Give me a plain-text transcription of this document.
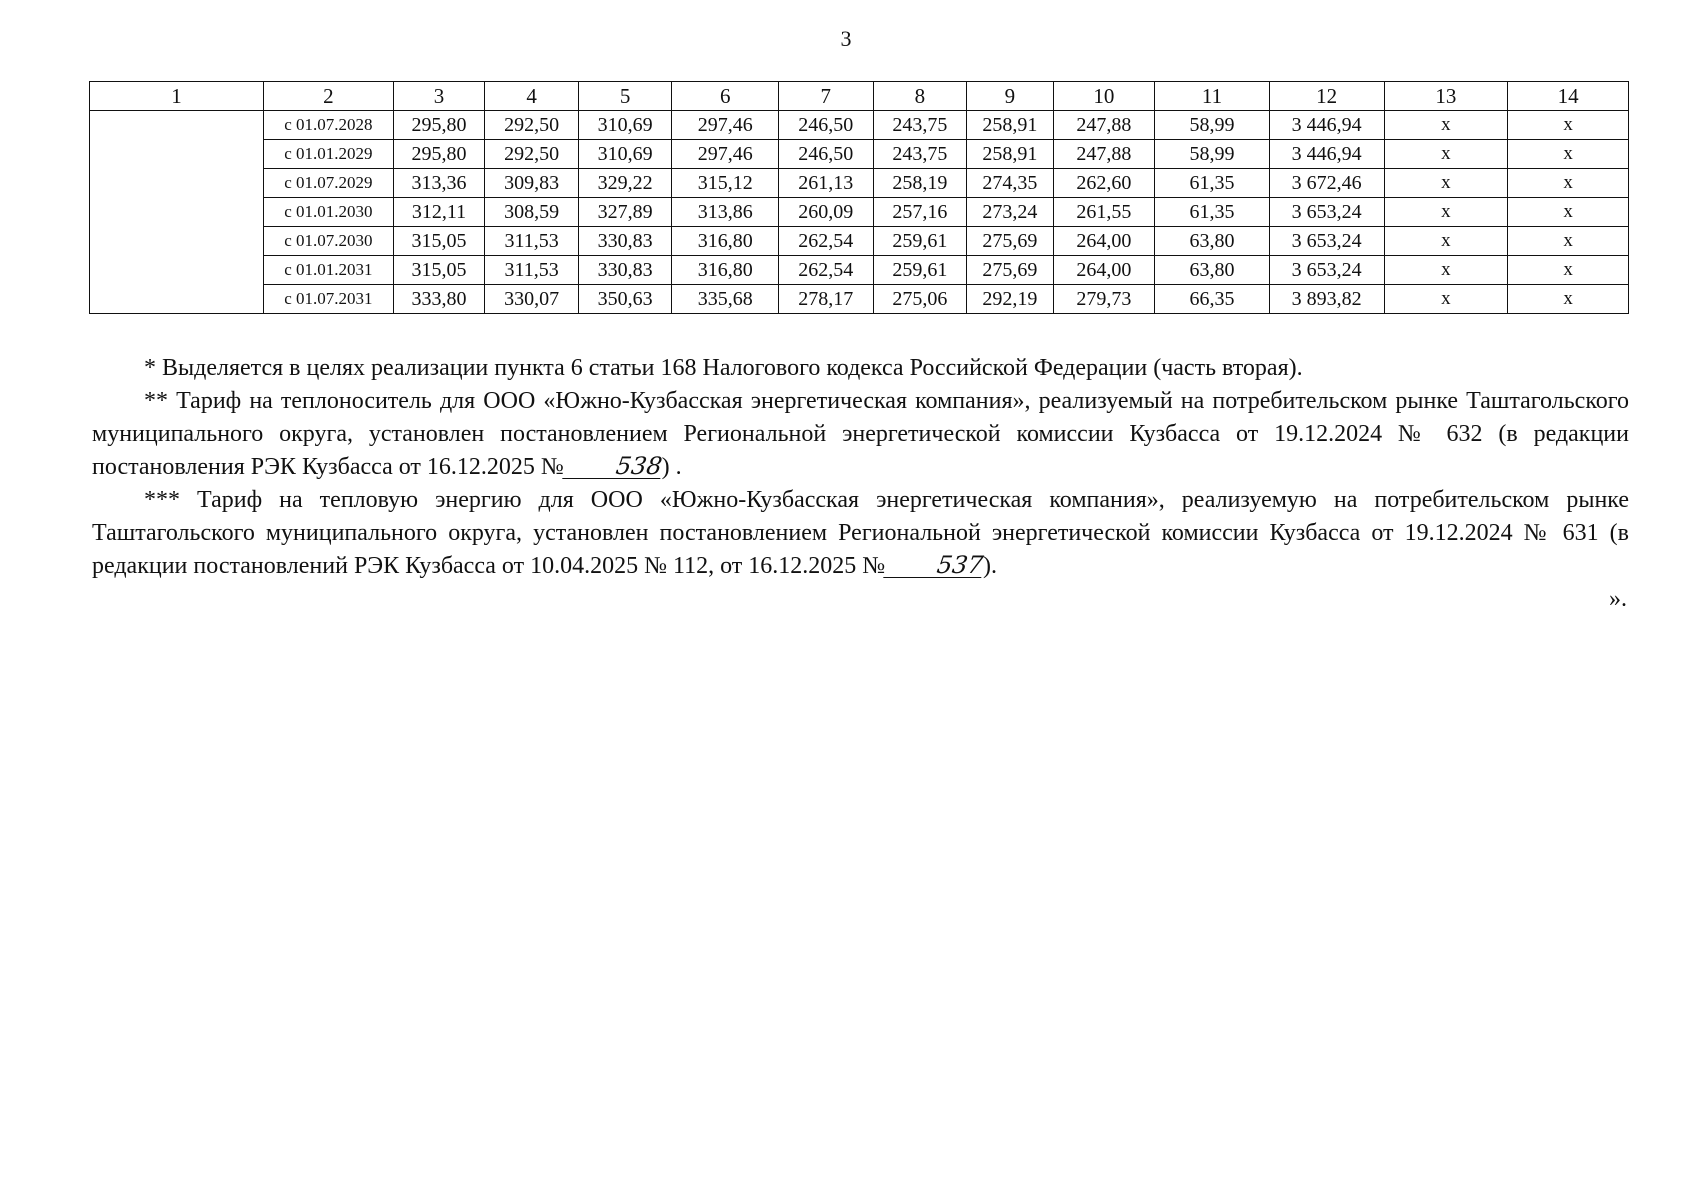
3
1	2	3	4	5	6	7	8	9	10	11	12	13	14
	с 01.07.2028	295,80	292,50	310,69	297,46	246,50	243,75	258,91	247,88	58,99	3 446,94	x	x
	с 01.01.2029	295,80	292,50	310,69	297,46	246,50	243,75	258,91	247,88	58,99	3 446,94	x	x
	с 01.07.2029	313,36	309,83	329,22	315,12	261,13	258,19	274,35	262,60	61,35	3 672,46	x	x
	с 01.01.2030	312,11	308,59	327,89	313,86	260,09	257,16	273,24	261,55	61,35	3 653,24	x	x
	с 01.07.2030	315,05	311,53	330,83	316,80	262,54	259,61	275,69	264,00	63,80	3 653,24	x	x
	с 01.01.2031	315,05	311,53	330,83	316,80	262,54	259,61	275,69	264,00	63,80	3 653,24	x	x
	с 01.07.2031	333,80	330,07	350,63	335,68	278,17	275,06	292,19	279,73	66,35	3 893,82	x	x

* Выделяется в целях реализации пункта 6 статьи 168 Налогового кодекса Российской Федерации (часть вторая).

** Тариф на теплоноситель для ООО «Южно-Кузбасская энергетическая компания», реализуемый на потребительском рынке Таштагольского муниципального округа, установлен постановлением Региональной энергетической комиссии Кузбасса от 19.12.2024 № 632 (в редакции постановления РЭК Кузбасса от 16.12.2025 № 538) .

*** Тариф на тепловую энергию для ООО «Южно-Кузбасская энергетическая компания», реализуемую на потребительском рынке Таштагольского муниципального округа, установлен постановлением Региональной энергетической комиссии Кузбасса от 19.12.2024 № 631 (в редакции постановлений РЭК Кузбасса от 10.04.2025 № 112, от 16.12.2025 № 537).

».
